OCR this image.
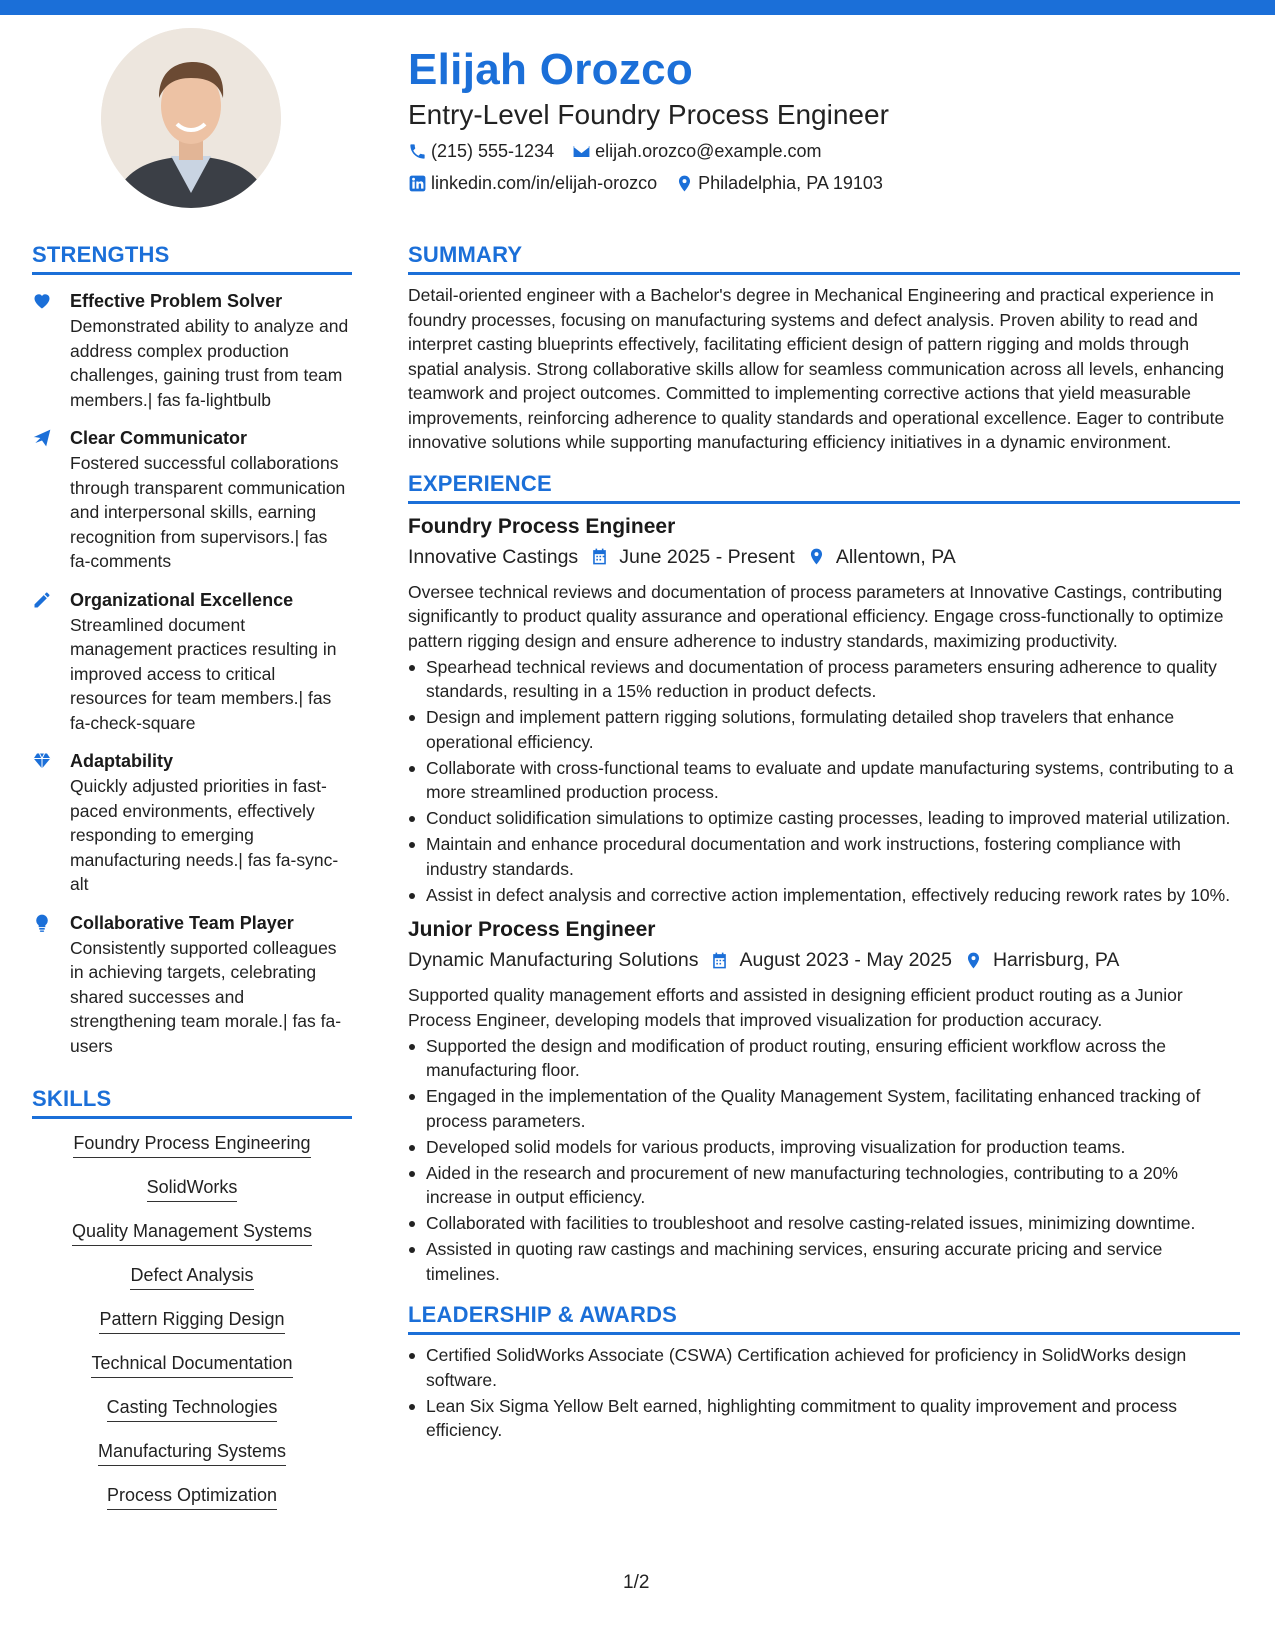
Elijah Orozco
Entry-Level Foundry Process Engineer
(215) 555-1234 elijah.orozco@example.com
linkedin.com/in/elijah-orozco Philadelphia, PA 19103
STRENGTHS
Effective Problem Solver
Demonstrated ability to analyze and address complex production challenges, gaining trust from team members.| fas fa-lightbulb
Clear Communicator
Fostered successful collaborations through transparent communication and interpersonal skills, earning recognition from supervisors.| fas fa-comments
Organizational Excellence
Streamlined document management practices resulting in improved access to critical resources for team members.| fas fa-check-square
Adaptability
Quickly adjusted priorities in fast-paced environments, effectively responding to emerging manufacturing needs.| fas fa-sync-alt
Collaborative Team Player
Consistently supported colleagues in achieving targets, celebrating shared successes and strengthening team morale.| fas fa-users
SKILLS
Foundry Process Engineering
SolidWorks
Quality Management Systems
Defect Analysis
Pattern Rigging Design
Technical Documentation
Casting Technologies
Manufacturing Systems
Process Optimization
SUMMARY
Detail-oriented engineer with a Bachelor's degree in Mechanical Engineering and practical experience in foundry processes, focusing on manufacturing systems and defect analysis. Proven ability to read and interpret casting blueprints effectively, facilitating efficient design of pattern rigging and molds through spatial analysis. Strong collaborative skills allow for seamless communication across all levels, enhancing teamwork and project outcomes. Committed to implementing corrective actions that yield measurable improvements, reinforcing adherence to quality standards and operational excellence. Eager to contribute innovative solutions while supporting manufacturing efficiency initiatives in a dynamic environment.
EXPERIENCE
Foundry Process Engineer
Innovative Castings June 2025 - Present Allentown, PA
Oversee technical reviews and documentation of process parameters at Innovative Castings, contributing significantly to product quality assurance and operational efficiency. Engage cross-functionally to optimize pattern rigging design and ensure adherence to industry standards, maximizing productivity.
Spearhead technical reviews and documentation of process parameters ensuring adherence to quality standards, resulting in a 15% reduction in product defects.
Design and implement pattern rigging solutions, formulating detailed shop travelers that enhance operational efficiency.
Collaborate with cross-functional teams to evaluate and update manufacturing systems, contributing to a more streamlined production process.
Conduct solidification simulations to optimize casting processes, leading to improved material utilization.
Maintain and enhance procedural documentation and work instructions, fostering compliance with industry standards.
Assist in defect analysis and corrective action implementation, effectively reducing rework rates by 10%.
Junior Process Engineer
Dynamic Manufacturing Solutions August 2023 - May 2025 Harrisburg, PA
Supported quality management efforts and assisted in designing efficient product routing as a Junior Process Engineer, developing models that improved visualization for production accuracy.
Supported the design and modification of product routing, ensuring efficient workflow across the manufacturing floor.
Engaged in the implementation of the Quality Management System, facilitating enhanced tracking of process parameters.
Developed solid models for various products, improving visualization for production teams.
Aided in the research and procurement of new manufacturing technologies, contributing to a 20% increase in output efficiency.
Collaborated with facilities to troubleshoot and resolve casting-related issues, minimizing downtime.
Assisted in quoting raw castings and machining services, ensuring accurate pricing and service timelines.
LEADERSHIP & AWARDS
Certified SolidWorks Associate (CSWA) Certification achieved for proficiency in SolidWorks design software.
Lean Six Sigma Yellow Belt earned, highlighting commitment to quality improvement and process efficiency.
1/2
